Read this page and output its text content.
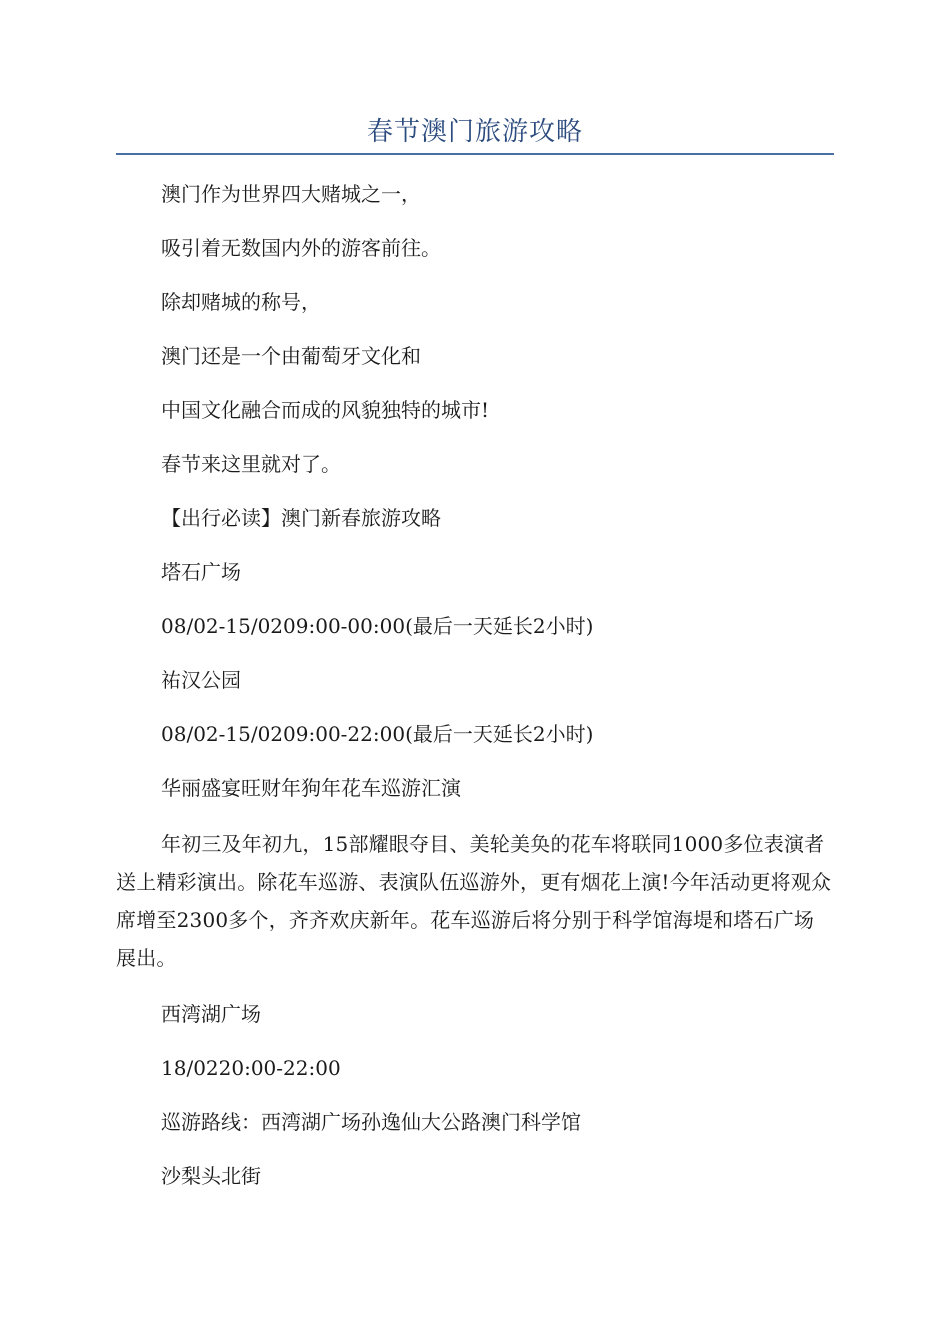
春节澳门旅游攻略

澳门作为世界四大赌城之一，

吸引着无数国内外的游客前往。

除却赌城的称号，

澳门还是一个由葡萄牙文化和

中国文化融合而成的风貌独特的城市!

春节来这里就对了。

【出行必读】澳门新春旅游攻略

塔石广场

08/02-15/0209:00-00:00(最后一天延长2小时)

祐汉公园

08/02-15/0209:00-22:00(最后一天延长2小时)

华丽盛宴旺财年狗年花车巡游汇演

年初三及年初九，15部耀眼夺目、美轮美奂的花车将联同1000多位表演者送上精彩演出。除花车巡游、表演队伍巡游外，更有烟花上演!今年活动更将观众席增至2300多个，齐齐欢庆新年。花车巡游后将分别于科学馆海堤和塔石广场展出。

西湾湖广场

18/0220:00-22:00

巡游路线：西湾湖广场孙逸仙大公路澳门科学馆

沙梨头北街
